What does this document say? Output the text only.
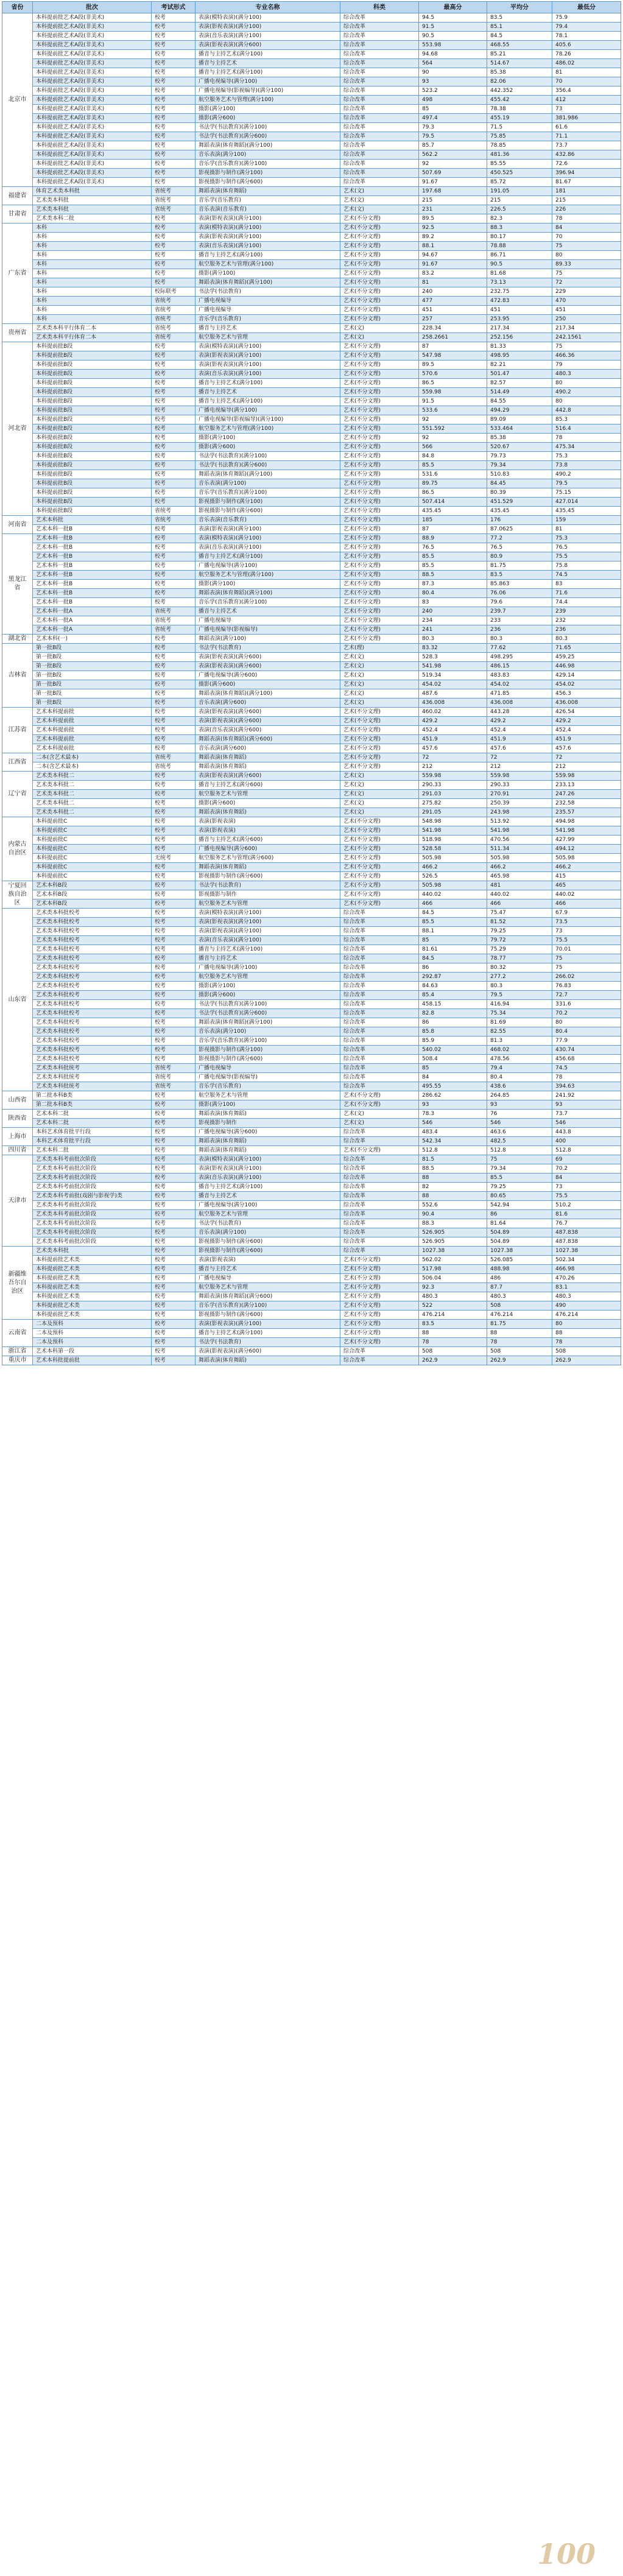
省份	批次	考试形式	专业名称	科类	最高分	平均分	最低分
北京市	本科提前批艺术A段(非美术)	校考	表演(模特表演)(满分100)	综合改革	94.5	83.5	75.9
	本科提前批艺术A段(非美术)	校考	表演(影视表演)(满分100)	综合改革	91.5	85.1	79.4
	本科提前批艺术A段(非美术)	校考	表演(音乐表演)(满分100)	综合改革	90.5	84.5	78.1
	本科提前批艺术A段(非美术)	校考	表演(影视表演)(满分600)	综合改革	553.98	468.55	405.6
	本科提前批艺术A段(非美术)	校考	播音与主持艺术(满分100)	综合改革	94.68	85.21	78.26
	本科提前批艺术A段(非美术)	校考	播音与主持艺术	综合改革	564	514.67	486.02
	本科提前批艺术A段(非美术)	校考	播音与主持艺术(满分100)	综合改革	90	85.38	81
	本科提前批艺术A段(非美术)	校考	广播电视编导(满分100)	综合改革	93	82.06	70
	本科提前批艺术A段(非美术)	校考	广播电视编导(影视编导)(满分100)	综合改革	523.2	442.352	356.4
	本科提前批艺术A段(非美术)	校考	航空服务艺术与管理(满分100)	综合改革	498	455.42	412
	本科提前批艺术A段(非美术)	校考	摄影(满分100)	综合改革	85	78.38	73
	本科提前批艺术A段(非美术)	校考	摄影(满分600)	综合改革	497.4	455.19	381.986
	本科提前批艺术A段(非美术)	校考	书法学(书法教育)(满分100)	综合改革	79.3	71.5	61.6
	本科提前批艺术A段(非美术)	校考	书法学(书法教育)(满分600)	综合改革	79.5	75.85	71.1
	本科提前批艺术A段(非美术)	校考	舞蹈表演(体育舞蹈)(满分100)	综合改革	85.7	78.85	73.7
	本科提前批艺术A段(非美术)	校考	音乐表演(满分100)	综合改革	562.2	481.36	432.86
	本科提前批艺术A段(非美术)	校考	音乐学(音乐教育)(满分100)	综合改革	92	85.55	72.6
	本科提前批艺术A段(非美术)	校考	影视摄影与制作(满分100)	综合改革	507.69	450.525	396.94
	本科提前批艺术A段(非美术)	校考	影视摄影与制作(满分600)	综合改革	91.67	85.72	81.67
福建省	体育艺术类本科批	省统考	舞蹈表演(体育舞蹈)	艺术(文)	197.68	191.05	181
	艺术类本科批	省统考	音乐学(音乐教育)	艺术(文)	215	215	215
甘肃省	艺术类本科批	省统考	音乐表演(音乐教育)	艺术(文)	231	226.5	226
	艺术类本科二批	校考	表演(影视表演)(满分100)	艺术(不分文理)	89.5	82.3	78
广东省	本科	校考	表演(模特表演)(满分100)	艺术(不分文理)	92.5	88.3	84
	本科	校考	表演(影视表演)(满分100)	艺术(不分文理)	89.2	80.17	70
	本科	校考	表演(音乐表演)(满分100)	艺术(不分文理)	88.1	78.88	75
	本科	校考	播音与主持艺术(满分100)	艺术(不分文理)	94.67	86.71	80
	本科	校考	航空服务艺术与管理(满分100)	艺术(不分文理)	91.67	90.5	89.33
	本科	校考	摄影(满分100)	艺术(不分文理)	83.2	81.68	75
	本科	校考	舞蹈表演(体育舞蹈)(满分100)	艺术(不分文理)	81	73.13	72
	本科	校际联考	书法学(书法教育)	艺术(不分文理)	240	232.75	229
	本科	省统考	广播电视编导	艺术(不分文理)	477	472.83	470
	本科	省统考	广播电视编导	艺术(不分文理)	451	451	451
	本科	省统考	音乐学(音乐教育)	艺术(不分文理)	257	253.95	250
贵州省	艺术类本科平行体育二本	省统考	播音与主持艺术	艺术(文)	228.34	217.34	217.34
	艺术类本科平行体育二本	省统考	航空服务艺术与管理	艺术(文)	258.2661	252.156	242.1561
河北省	本科提前批B段	校考	表演(模特表演)(满分100)	艺术(不分文理)	87	81.33	75
	本科提前批B段	校考	表演(影视表演)(满分100)	艺术(不分文理)	547.98	498.95	466.36
	本科提前批B段	校考	表演(影视表演)(满分100)	艺术(不分文理)	89.5	82.21	79
	本科提前批B段	校考	表演(音乐表演)(满分100)	艺术(不分文理)	570.6	501.47	480.3
	本科提前批B段	校考	播音与主持艺术(满分100)	艺术(不分文理)	86.5	82.57	80
	本科提前批B段	校考	播音与主持艺术	艺术(不分文理)	559.98	514.49	490.2
	本科提前批B段	校考	播音与主持艺术(满分100)	艺术(不分文理)	91.5	84.55	80
	本科提前批B段	校考	广播电视编导(满分100)	艺术(不分文理)	533.6	494.29	442.8
	本科提前批B段	校考	广播电视编导(影视编导)(满分100)	艺术(不分文理)	92	89.09	85.3
	本科提前批B段	校考	航空服务艺术与管理(满分100)	艺术(不分文理)	551.592	533.464	516.4
	本科提前批B段	校考	摄影(满分100)	艺术(不分文理)	92	85.38	78
	本科提前批B段	校考	摄影(满分600)	艺术(不分文理)	566	520.67	475.34
	本科提前批B段	校考	书法学(书法教育)(满分100)	艺术(不分文理)	84.8	79.73	75.3
	本科提前批B段	校考	书法学(书法教育)(满分600)	艺术(不分文理)	85.5	79.34	73.8
	本科提前批B段	校考	舞蹈表演(体育舞蹈)(满分100)	艺术(不分文理)	531.6	510.83	490.2
	本科提前批B段	校考	音乐表演(满分100)	艺术(不分文理)	89.75	84.45	79.5
	本科提前批B段	校考	音乐学(音乐教育)(满分100)	艺术(不分文理)	86.5	80.39	75.15
	本科提前批B段	校考	影视摄影与制作(满分100)	艺术(不分文理)	507.414	451.529	427.014
	本科提前批B段	省统考	影视摄影与制作(满分600)	艺术(不分文理)	435.45	435.45	435.45
河南省	艺术本科批	省统考	音乐表演(音乐教育)	艺术(不分文理)	185	176	159
	艺术本科一批B	校考	表演(影视表演)(满分100)	艺术(不分文理)	87	87.0625	81
黑龙江省	艺术本科一批B	校考	表演(模特表演)(满分100)	艺术(不分文理)	88.9	77.2	75.3
	艺术本科一批B	校考	表演(音乐表演)(满分100)	艺术(不分文理)	76.5	76.5	76.5
	艺术本科一批B	校考	播音与主持艺术(满分100)	艺术(不分文理)	85.5	80.9	75.5
	艺术本科一批B	校考	广播电视编导(满分100)	艺术(不分文理)	85.5	81.75	75.8
	艺术本科一批B	校考	航空服务艺术与管理(满分100)	艺术(不分文理)	88.5	83.5	74.5
	艺术本科一批B	校考	摄影(满分100)	艺术(不分文理)	87.3	85.863	83
	艺术本科一批B	校考	舞蹈表演(体育舞蹈)(满分100)	艺术(不分文理)	80.4	76.06	71.6
	艺术本科一批B	校考	音乐学(音乐教育)(满分100)	艺术(不分文理)	83	79.6	74.4
	艺术本科一批A	省统考	播音与主持艺术	艺术(不分文理)	240	239.7	239
	艺术本科一批A	省统考	广播电视编导	艺术(不分文理)	234	233	232
	艺术本科一批A	省统考	广播电视编导(影视编导)	艺术(不分文理)	241	236	236
湖北省	艺术本科(一)	校考	舞蹈表演(满分100)	艺术(不分文理)	80.3	80.3	80.3
吉林省	第一批B段	校考	书法学(书法教育)	艺术(理)	83.32	77.62	71.65
	第一批B段	校考	表演(影视表演)(满分600)	艺术(文)	528.3	498.295	459.25
	第一批B段	校考	表演(影视表演)(满分600)	艺术(文)	541.98	486.15	446.98
	第一批B段	校考	广播电视编导(满分600)	艺术(文)	519.34	483.83	429.14
	第一批B段	校考	摄影(满分600)	艺术(文)	454.02	454.02	454.02
	第一批B段	校考	舞蹈表演(体育舞蹈)(满分100)	艺术(文)	487.6	471.85	456.3
	第一批B段	校考	音乐表演(满分600)	艺术(文)	436.008	436.008	436.008
江苏省	艺术本科提前批	校考	表演(影视表演)(满分600)	艺术(不分文理)	460.02	443.28	426.54
	艺术本科提前批	校考	表演(影视表演)(满分600)	艺术(不分文理)	429.2	429.2	429.2
	艺术本科提前批	校考	表演(音乐表演)(满分600)	艺术(不分文理)	452.4	452.4	452.4
	艺术本科提前批	校考	舞蹈表演(体育舞蹈)(满分600)	艺术(不分文理)	451.9	451.9	451.9
	艺术本科提前批	校考	音乐表演(满分600)	艺术(不分文理)	457.6	457.6	457.6
江西省	二本(含艺术最本)	省统考	舞蹈表演(体育舞蹈)	艺术(不分文理)	72	72	72
	二本(含艺术最本)	省统考	舞蹈表演(体育舞蹈)	艺术(不分文理)	212	212	212
辽宁省	艺术类本科批二	校考	表演(影视表演)(满分600)	艺术(文)	559.98	559.98	559.98
	艺术类本科批二	校考	播音与主持艺术(满分600)	艺术(文)	290.33	290.33	233.13
	艺术类本科批二	校考	航空服务艺术与管理	艺术(文)	291.03	270.91	247.26
	艺术类本科批二	校考	摄影(满分600)	艺术(文)	275.82	250.39	232.58
	艺术类本科批二	校考	舞蹈表演(体育舞蹈)	艺术(文)	291.05	243.98	235.57
内蒙古自治区	本科提前批C	校考	表演(影视表演)	艺术(不分文理)	548.98	513.92	494.98
	本科提前批C	校考	表演(影视表演)	艺术(不分文理)	541.98	541.98	541.98
	本科提前批C	校考	播音与主持艺术(满分600)	艺术(不分文理)	518.98	470.56	427.99
	本科提前批C	校考	广播电视编导(满分600)	艺术(不分文理)	528.58	511.34	494.12
	本科提前批C	无统考	航空服务艺术与管理(满分600)	艺术(不分文理)	505.98	505.98	505.98
	本科提前批C	校考	舞蹈表演(体育舞蹈)	艺术(不分文理)	466.2	466.2	466.2
	本科提前批C	校考	影视摄影与制作(满分600)	艺术(不分文理)	526.5	465.98	415
宁夏回族自治区	艺术本科B段	校考	书法学(书法教育)	艺术(不分文理)	505.98	481	465
	艺术本科B段	校考	影视摄影与制作	艺术(不分文理)	440.02	440.02	440.02
	艺术本科B段	校考	航空服务艺术与管理	艺术(不分文理)	466	466	466
山东省	艺术类本科批校考	校考	表演(模特表演)(满分100)	综合改革	84.5	75.47	67.9
	艺术类本科批校考	校考	表演(影视表演)(满分100)	综合改革	85.5	81.52	73.5
	艺术类本科批校考	校考	表演(影视表演)(满分100)	综合改革	88.1	79.25	73
	艺术类本科批校考	校考	表演(音乐表演)(满分100)	综合改革	85	79.72	75.5
	艺术类本科批校考	校考	播音与主持艺术(满分100)	综合改革	81.61	75.29	70.01
	艺术类本科批校考	校考	播音与主持艺术	综合改革	84.5	78.77	75
	艺术类本科批校考	校考	广播电视编导(满分100)	综合改革	86	80.32	75
	艺术类本科批校考	校考	航空服务艺术与管理	综合改革	292.87	277.2	266.02
	艺术类本科批校考	校考	摄影(满分100)	综合改革	84.63	80.3	76.83
	艺术类本科批校考	校考	摄影(满分600)	综合改革	85.4	79.5	72.7
	艺术类本科批校考	校考	书法学(书法教育)(满分100)	综合改革	458.15	416.94	331.6
	艺术类本科批校考	校考	书法学(书法教育)(满分600)	综合改革	82.8	75.34	70.2
	艺术类本科批校考	校考	舞蹈表演(体育舞蹈)(满分100)	综合改革	86	81.69	80
	艺术类本科批校考	校考	音乐表演(满分100)	综合改革	85.8	82.55	80.4
	艺术类本科批校考	校考	音乐学(音乐教育)(满分100)	综合改革	85.9	81.3	77.9
	艺术类本科批校考	校考	影视摄影与制作(满分100)	综合改革	540.02	468.02	430.74
	艺术类本科批校考	校考	影视摄影与制作(满分600)	综合改革	508.4	478.56	456.68
	艺术类本科批统考	省统考	广播电视编导	综合改革	85	79.4	74.5
	艺术类本科批统考	省统考	广播电视编导(影视编导)	综合改革	84	80.4	78
	艺术类本科批统考	省统考	音乐学(音乐教育)	综合改革	495.55	438.6	394.63
山西省	第二批本科B类	校考	航空服务艺术与管理	艺术(不分文理)	286.62	264.85	241.92
	第二批本科B类	校考	摄影(满分100)	艺术(不分文理)	93	93	93
陕西省	艺术本科二批	校考	舞蹈表演(体育舞蹈)	艺术(文)	78.3	76	73.7
	艺术本科二批	校考	影视摄影与制作	艺术(文)	546	546	546
上海市	本科艺术体育批平行段	校考	广播电视编导(满分600)	综合改革	483.4	463.6	443.8
	本科艺术体育批平行段	校考	舞蹈表演(体育舞蹈)	综合改革	542.34	482.5	400
四川省	艺术本科二批	校考	舞蹈表演(体育舞蹈)	艺术(不分文理)	512.8	512.8	512.8
天津市	艺术类本科考前批次阶段	校考	表演(模特表演)(满分100)	综合改革	81.5	75	69
	艺术类本科考前批次阶段	校考	表演(影视表演)(满分100)	综合改革	88.5	79.34	70.2
	艺术类本科考前批次阶段	校考	表演(音乐表演)(满分100)	综合改革	88	85.5	84
	艺术类本科考前批次阶段	校考	播音与主持艺术(满分100)	综合改革	82	79.25	73
	艺术类本科考前批(戏剧与影视学)类	校考	播音与主持艺术	综合改革	88	80.65	75.5
	艺术类本科考前批次阶段	校考	广播电视编导(满分100)	综合改革	552.6	542.94	510.2
	艺术类本科考前批次阶段	校考	航空服务艺术与管理	综合改革	90.4	86	81.6
	艺术类本科考前批次阶段	校考	书法学(书法教育)	综合改革	88.3	81.64	76.7
	艺术类本科考前批次阶段	校考	音乐表演(满分100)	综合改革	526.905	504.89	487.838
	艺术类本科考前批次阶段	校考	影视摄影与制作(满分600)	综合改革	526.905	504.89	487.838
新疆维吾尔自治区	艺术类本科批	校考	影视摄影与制作(满分600)	综合改革	1027.38	1027.38	1027.38
	本科提前批艺术类	校考	表演(影视表演)	艺术(不分文理)	562.02	526.085	502.34
	本科提前批艺术类	校考	播音与主持艺术	艺术(不分文理)	517.98	488.98	466.98
	本科提前批艺术类	校考	广播电视编导	艺术(不分文理)	506.04	486	470.26
	本科提前批艺术类	校考	航空服务艺术与管理	艺术(不分文理)	92.3	87.7	83.1
	本科提前批艺术类	校考	舞蹈表演(体育舞蹈)(满分600)	艺术(不分文理)	480.3	480.3	480.3
	本科提前批艺术类	校考	音乐学(音乐教育)(满分100)	艺术(不分文理)	522	508	490
	本科提前批艺术类	校考	影视摄影与制作(满分600)	艺术(不分文理)	476.214	476.214	476.214
云南省	二本及预科	校考	表演(影视表演)(满分100)	艺术(不分文理)	83.5	81.75	80
	二本及预科	校考	播音与主持艺术(满分100)	艺术(不分文理)	88	88	88
	二本及预科	校考	书法学(书法教育)	艺术(不分文理)	78	78	78
浙江省	艺术本科第一段	校考	表演(影视表演)(满分600)	综合改革	508	508	508
重庆市	艺术本科批提前批	校考	舞蹈表演(体育舞蹈)	综合改革	262.9	262.9	262.9
100
